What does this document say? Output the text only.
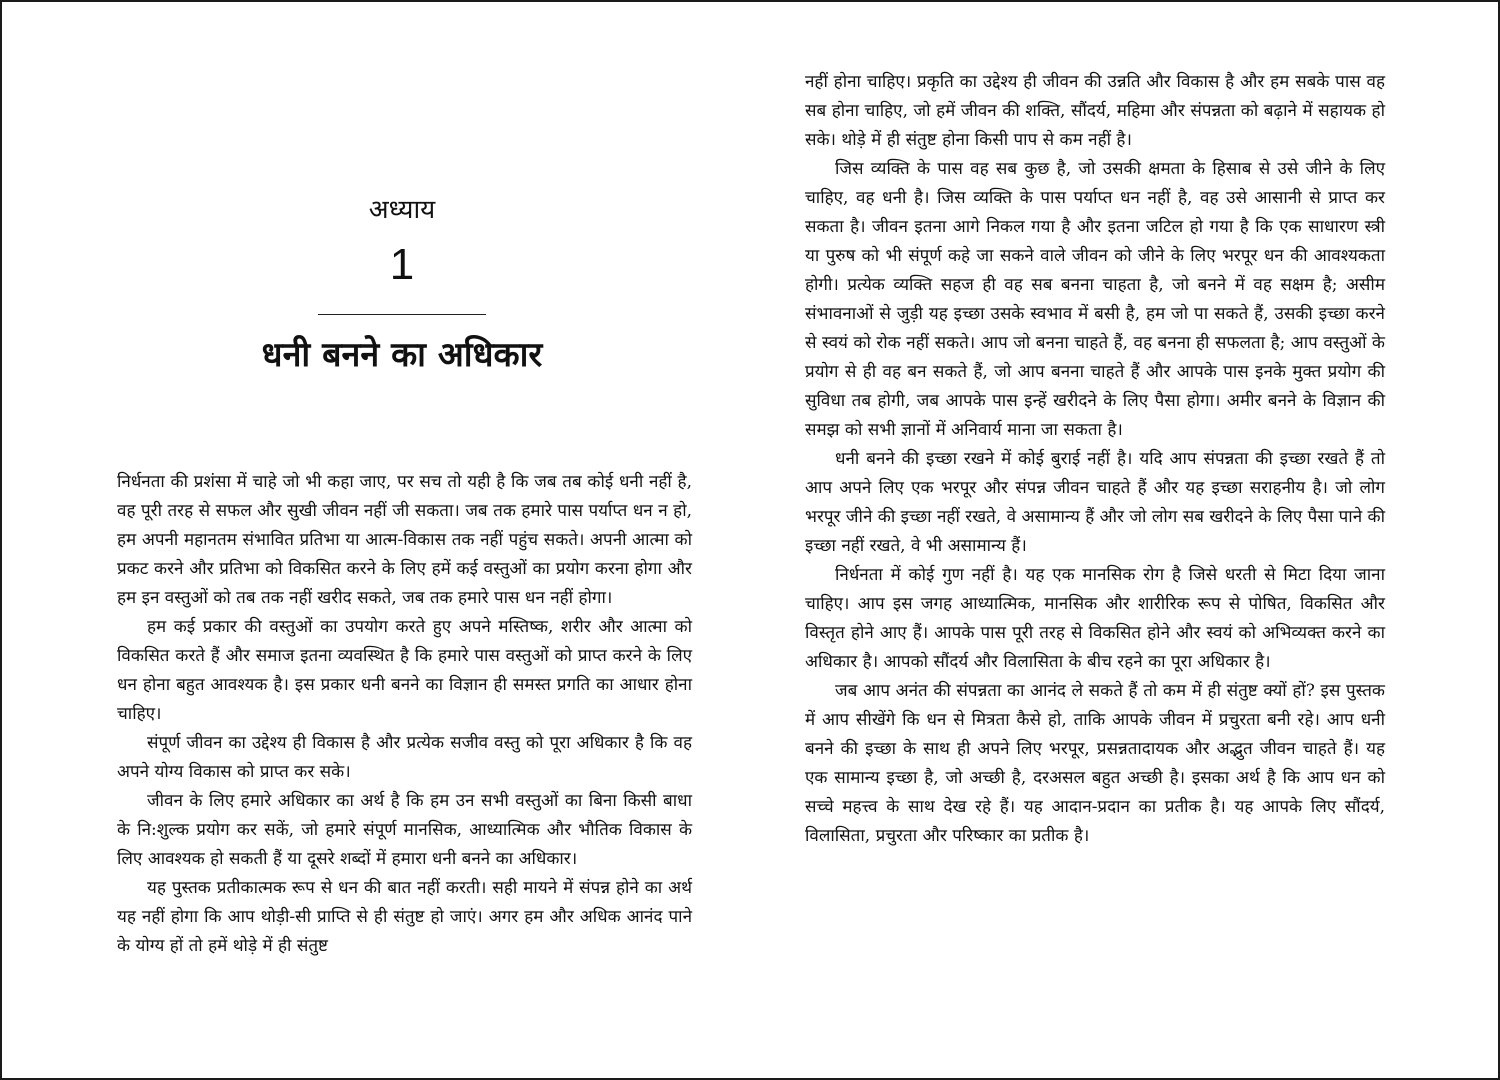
अध्याय

1

धनी बनने का अधिकार

निर्धनता की प्रशंसा में चाहे जो भी कहा जाए, पर सच तो यही है कि जब तब कोई धनी नहीं है, वह पूरी तरह से सफल और सुखी जीवन नहीं जी सकता। जब तक हमारे पास पर्याप्त धन न हो, हम अपनी महानतम संभावित प्रतिभा या आत्म-विकास तक नहीं पहुंच सकते। अपनी आत्मा को प्रकट करने और प्रतिभा को विकसित करने के लिए हमें कई वस्तुओं का प्रयोग करना होगा और हम इन वस्तुओं को तब तक नहीं खरीद सकते, जब तक हमारे पास धन नहीं होगा।

हम कई प्रकार की वस्तुओं का उपयोग करते हुए अपने मस्तिष्क, शरीर और आत्मा को विकसित करते हैं और समाज इतना व्यवस्थित है कि हमारे पास वस्तुओं को प्राप्त करने के लिए धन होना बहुत आवश्यक है। इस प्रकार धनी बनने का विज्ञान ही समस्त प्रगति का आधार होना चाहिए।

संपूर्ण जीवन का उद्देश्य ही विकास है और प्रत्येक सजीव वस्तु को पूरा अधिकार है कि वह अपने योग्य विकास को प्राप्त कर सके।

जीवन के लिए हमारे अधिकार का अर्थ है कि हम उन सभी वस्तुओं का बिना किसी बाधा के नि:शुल्क प्रयोग कर सकें, जो हमारे संपूर्ण मानसिक, आध्यात्मिक और भौतिक विकास के लिए आवश्यक हो सकती हैं या दूसरे शब्दों में हमारा धनी बनने का अधिकार।

यह पुस्तक प्रतीकात्मक रूप से धन की बात नहीं करती। सही मायने में संपन्न होने का अर्थ यह नहीं होगा कि आप थोड़ी-सी प्राप्ति से ही संतुष्ट हो जाएं। अगर हम और अधिक आनंद पाने के योग्य हों तो हमें थोड़े में ही संतुष्ट

नहीं होना चाहिए। प्रकृति का उद्देश्य ही जीवन की उन्नति और विकास है और हम सबके पास वह सब होना चाहिए, जो हमें जीवन की शक्ति, सौंदर्य, महिमा और संपन्नता को बढ़ाने में सहायक हो सके। थोड़े में ही संतुष्ट होना किसी पाप से कम नहीं है।

जिस व्यक्ति के पास वह सब कुछ है, जो उसकी क्षमता के हिसाब से उसे जीने के लिए चाहिए, वह धनी है। जिस व्यक्ति के पास पर्याप्त धन नहीं है, वह उसे आसानी से प्राप्त कर सकता है। जीवन इतना आगे निकल गया है और इतना जटिल हो गया है कि एक साधारण स्त्री या पुरुष को भी संपूर्ण कहे जा सकने वाले जीवन को जीने के लिए भरपूर धन की आवश्यकता होगी। प्रत्येक व्यक्ति सहज ही वह सब बनना चाहता है, जो बनने में वह सक्षम है; असीम संभावनाओं से जुड़ी यह इच्छा उसके स्वभाव में बसी है, हम जो पा सकते हैं, उसकी इच्छा करने से स्वयं को रोक नहीं सकते। आप जो बनना चाहते हैं, वह बनना ही सफलता है; आप वस्तुओं के प्रयोग से ही वह बन सकते हैं, जो आप बनना चाहते हैं और आपके पास इनके मुक्त प्रयोग की सुविधा तब होगी, जब आपके पास इन्हें खरीदने के लिए पैसा होगा। अमीर बनने के विज्ञान की समझ को सभी ज्ञानों में अनिवार्य माना जा सकता है।

धनी बनने की इच्छा रखने में कोई बुराई नहीं है। यदि आप संपन्नता की इच्छा रखते हैं तो आप अपने लिए एक भरपूर और संपन्न जीवन चाहते हैं और यह इच्छा सराहनीय है। जो लोग भरपूर जीने की इच्छा नहीं रखते, वे असामान्य हैं और जो लोग सब खरीदने के लिए पैसा पाने की इच्छा नहीं रखते, वे भी असामान्य हैं।

निर्धनता में कोई गुण नहीं है। यह एक मानसिक रोग है जिसे धरती से मिटा दिया जाना चाहिए। आप इस जगह आध्यात्मिक, मानसिक और शारीरिक रूप से पोषित, विकसित और विस्तृत होने आए हैं। आपके पास पूरी तरह से विकसित होने और स्वयं को अभिव्यक्त करने का अधिकार है। आपको सौंदर्य और विलासिता के बीच रहने का पूरा अधिकार है।

जब आप अनंत की संपन्नता का आनंद ले सकते हैं तो कम में ही संतुष्ट क्यों हों? इस पुस्तक में आप सीखेंगे कि धन से मित्रता कैसे हो, ताकि आपके जीवन में प्रचुरता बनी रहे। आप धनी बनने की इच्छा के साथ ही अपने लिए भरपूर, प्रसन्नतादायक और अद्भुत जीवन चाहते हैं। यह एक सामान्य इच्छा है, जो अच्छी है, दरअसल बहुत अच्छी है। इसका अर्थ है कि आप धन को सच्चे महत्त्व के साथ देख रहे हैं। यह आदान-प्रदान का प्रतीक है। यह आपके लिए सौंदर्य, विलासिता, प्रचुरता और परिष्कार का प्रतीक है।
